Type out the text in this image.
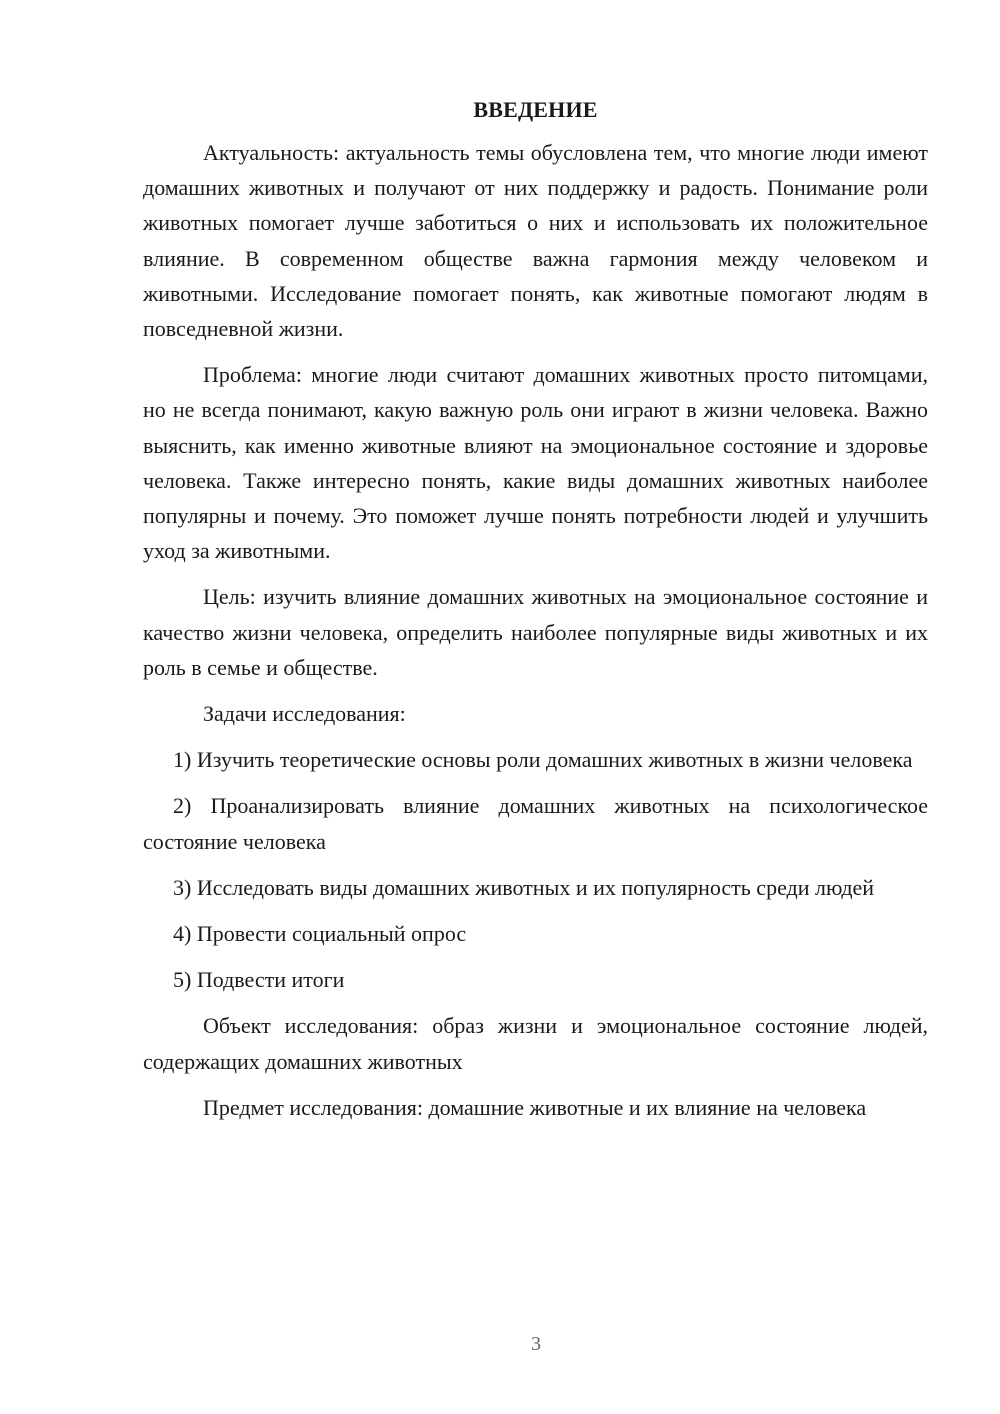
ВВЕДЕНИЕ

Актуальность: актуальность темы обусловлена тем, что многие люди имеют домашних животных и получают от них поддержку и радость. Понимание роли животных помогает лучше заботиться о них и использовать их положительное влияние. В современном обществе важна гармония между человеком и животными. Исследование помогает понять, как животные помогают людям в повседневной жизни.

Проблема: многие люди считают домашних животных просто питомцами, но не всегда понимают, какую важную роль они играют в жизни человека. Важно выяснить, как именно животные влияют на эмоциональное состояние и здоровье человека. Также интересно понять, какие виды домашних животных наиболее популярны и почему. Это поможет лучше понять потребности людей и улучшить уход за животными.

Цель: изучить влияние домашних животных на эмоциональное состояние и качество жизни человека, определить наиболее популярные виды животных и их роль в семье и обществе.

Задачи исследования:

1) Изучить теоретические основы роли домашних животных в жизни человека

2) Проанализировать влияние домашних животных на психологическое состояние человека

3) Исследовать виды домашних животных и их популярность среди людей

4) Провести социальный опрос

5) Подвести итоги

Объект исследования: образ жизни и эмоциональное состояние людей, содержащих домашних животных

Предмет исследования: домашние животные и их влияние на человека

3
